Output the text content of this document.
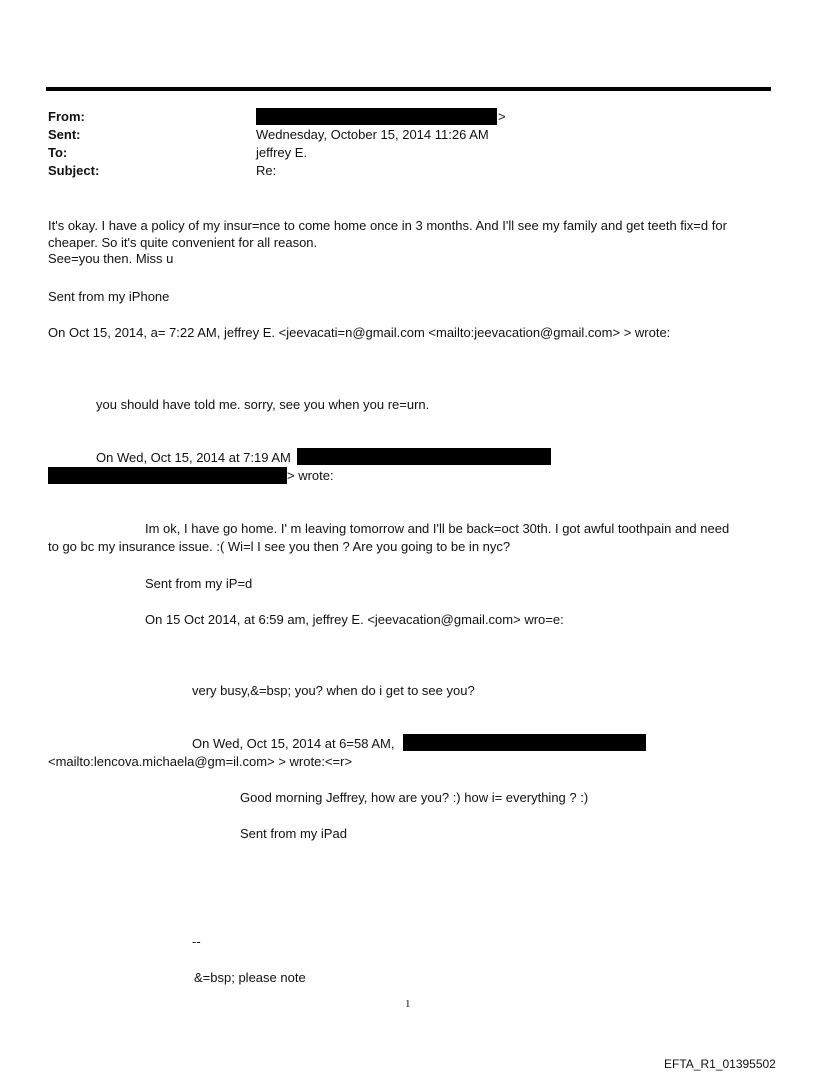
From:	>
Sent:	Wednesday, October 15, 2014 11:26 AM
To:	jeffrey E.
Subject:	Re:
It's okay. I have a policy of my insur=nce to come home once in 3 months. And I'll see my family and get teeth fix=d for cheaper. So it's quite convenient for all reason.
See=you then. Miss u
Sent from my iPhone
On Oct 15, 2014, a= 7:22 AM, jeffrey E. <jeevacati=n@gmail.com <mailto:jeevacation@gmail.com> > wrote:
you should have told me. sorry, see you when you re=urn.
On Wed, Oct 15, 2014 at 7:19 AM
> wrote:
Im ok, I have go home. I' m leaving tomorrow and I'll be back=oct 30th. I got awful toothpain and need
to go bc my insurance issue. :( Wi=l I see you then ? Are you going to be in nyc?
Sent from my iP=d
On 15 Oct 2014, at 6:59 am, jeffrey E. <jeevacation@gmail.com> wro=e:
very busy,&=bsp; you? when do i get to see you?
On Wed, Oct 15, 2014 at 6=58 AM,
<mailto:lencova.michaela@gm=il.com> > wrote:<=r>
Good morning Jeffrey, how are you? :) how i= everything ? :)
Sent from my iPad
--
&=bsp; please note
1
EFTA_R1_01395502
